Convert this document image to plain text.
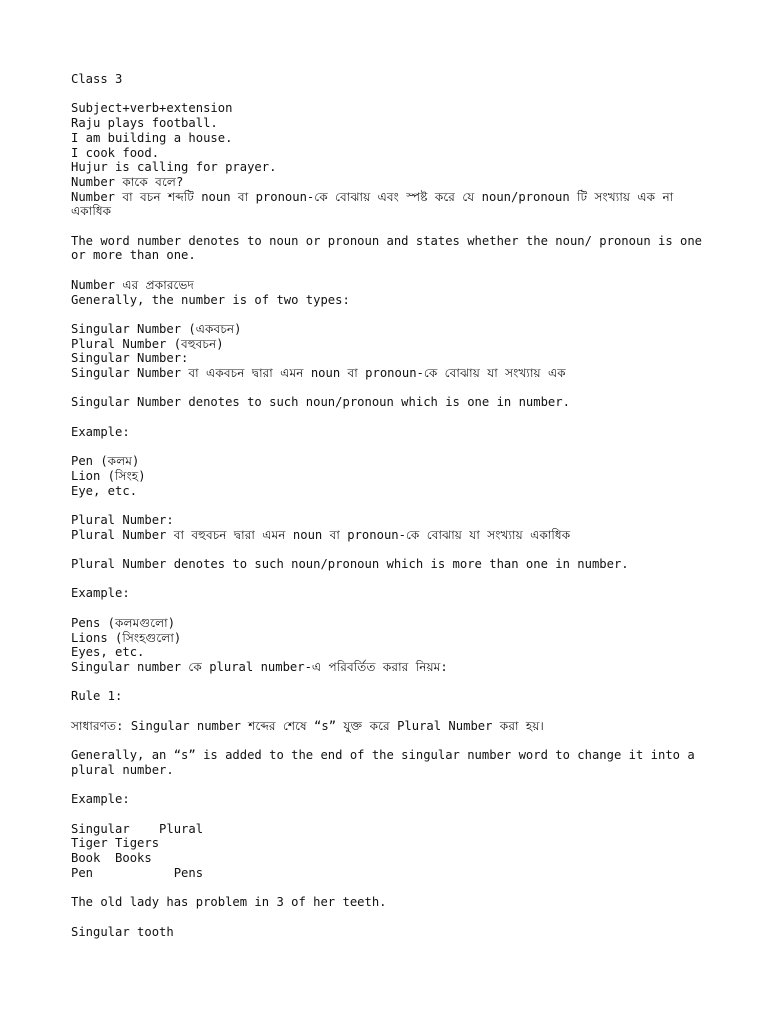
Class 3
Subject+verb+extension
Raju plays football.
I am building a house.
I cook food.
Hujur is calling for prayer.
Number কাকে বলে?
Number বা বচন শব্দটি noun বা pronoun-কে বোঝায় এবং স্পষ্ট করে যে noun/pronoun টি সংখ্যায় এক না একাধিক
The word number denotes to noun or pronoun and states whether the noun/ pronoun is one or more than one.
Number এর প্রকারভেদ
Generally, the number is of two types:
Singular Number (একবচন)
Plural Number (বহুবচন)
Singular Number:
Singular Number বা একবচন দ্বারা এমন noun বা pronoun-কে বোঝায় যা সংখ্যায় এক
Singular Number denotes to such noun/pronoun which is one in number.
Example:
Pen (কলম)
Lion (সিংহ)
Eye, etc.
Plural Number:
Plural Number বা বহুবচন দ্বারা এমন noun বা pronoun-কে বোঝায় যা সংখ্যায় একাধিক
Plural Number denotes to such noun/pronoun which is more than one in number.
Example:
Pens (কলমগুলো)
Lions (সিংহগুলো)
Eyes, etc.
Singular number কে plural number-এ পরিবর্তিত করার নিয়ম:
Rule 1:
সাধারণত: Singular number শব্দের শেষে “s” যুক্ত করে Plural Number করা হয়।
Generally, an “s” is added to the end of the singular number word to change it into a plural number.
Example:
Singular    Plural
Tiger Tigers
Book  Books
Pen           Pens
The old lady has problem in 3 of her teeth.
Singular tooth
